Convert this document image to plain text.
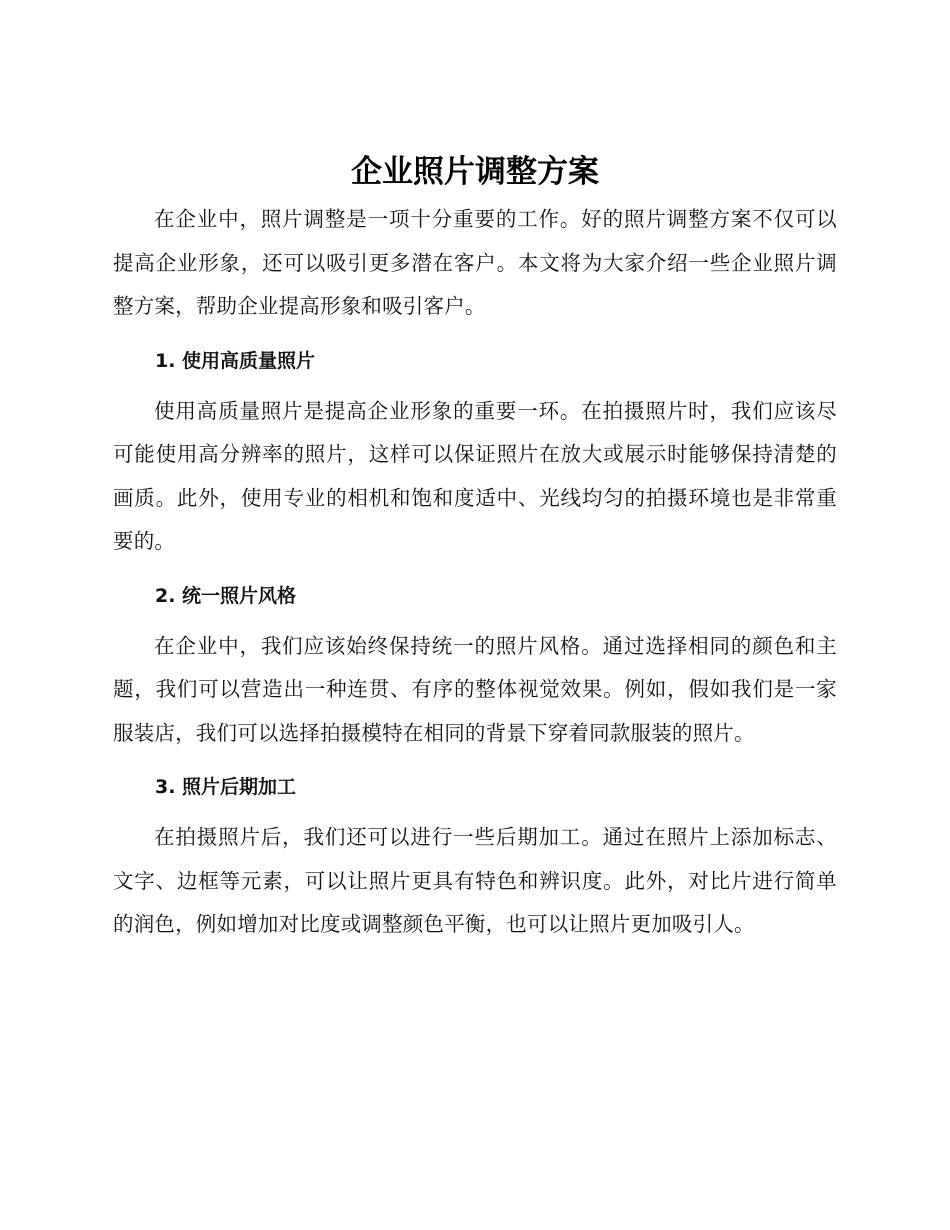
企业照片调整方案

在企业中，照片调整是一项十分重要的工作。好的照片调整方案不仅可以提高企业形象，还可以吸引更多潜在客户。本文将为大家介绍一些企业照片调整方案，帮助企业提高形象和吸引客户。

1. 使用高质量照片

使用高质量照片是提高企业形象的重要一环。在拍摄照片时，我们应该尽可能使用高分辨率的照片，这样可以保证照片在放大或展示时能够保持清楚的画质。此外，使用专业的相机和饱和度适中、光线均匀的拍摄环境也是非常重要的。

2. 统一照片风格

在企业中，我们应该始终保持统一的照片风格。通过选择相同的颜色和主题，我们可以营造出一种连贯、有序的整体视觉效果。例如，假如我们是一家服装店，我们可以选择拍摄模特在相同的背景下穿着同款服装的照片。

3. 照片后期加工

在拍摄照片后，我们还可以进行一些后期加工。通过在照片上添加标志、文字、边框等元素，可以让照片更具有特色和辨识度。此外，对比片进行简单的润色，例如增加对比度或调整颜色平衡，也可以让照片更加吸引人。
